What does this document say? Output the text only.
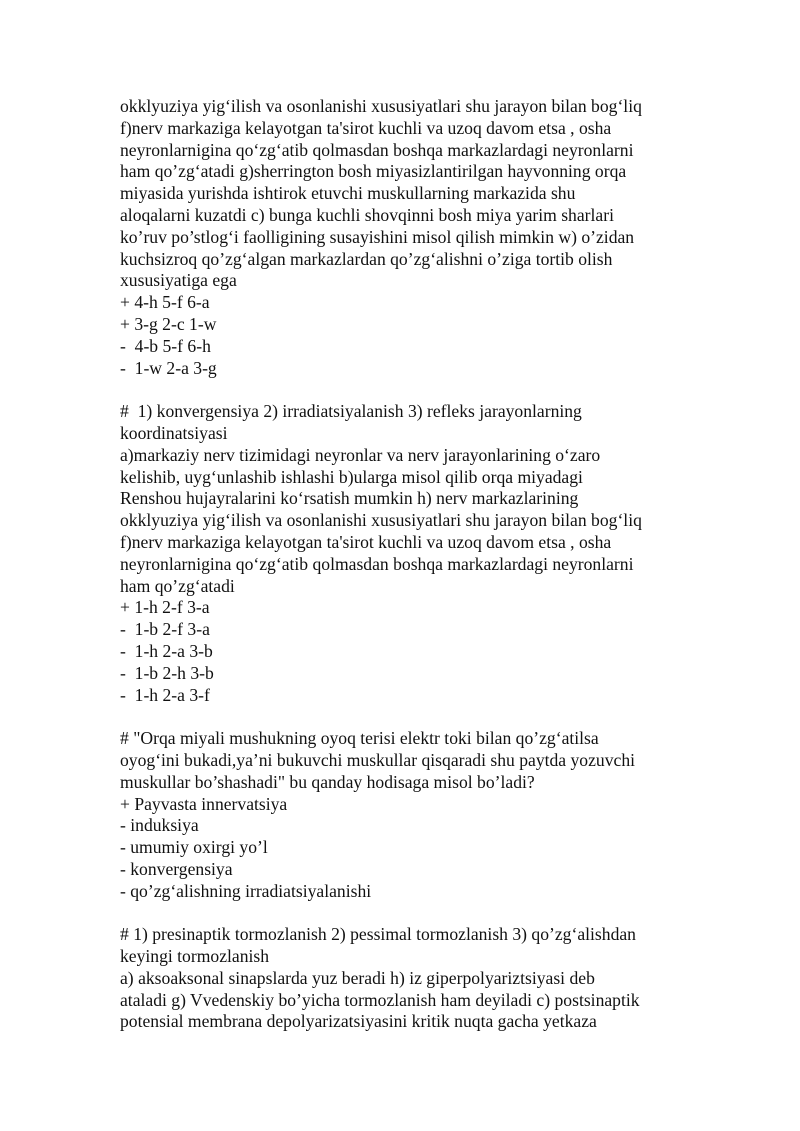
okklyuziya yig‘ilish va osonlanishi xususiyatlari shu jarayon bilan bog‘liq
f)nerv markaziga kelayotgan ta'sirot kuchli va uzoq davom etsa , osha
neyronlarnigina qo‘zg‘atib qolmasdan boshqa markazlardagi neyronlarni
ham qo’zg‘atadi g)sherrington bosh miyasizlantirilgan hayvonning orqa
miyasida yurishda ishtirok etuvchi muskullarning markazida shu
aloqalarni kuzatdi c) bunga kuchli shovqinni bosh miya yarim sharlari
ko’ruv po’stlog‘i faolligining susayishini misol qilish mimkin w) o’zidan
kuchsizroq qo’zg‘algan markazlardan qo’zg‘alishni o’ziga tortib olish
xususiyatiga ega
+ 4-h 5-f 6-a
+ 3-g 2-c 1-w
-  4-b 5-f 6-h
-  1-w 2-a 3-g
#  1) konvergensiya 2) irradiatsiyalanish 3) refleks jarayonlarning
koordinatsiyasi
a)markaziy nerv tizimidagi neyronlar va nerv jarayonlarining o‘zaro
kelishib, uyg‘unlashib ishlashi b)ularga misol qilib orqa miyadagi
Renshou hujayralarini ko‘rsatish mumkin h) nerv markazlarining
okklyuziya yig‘ilish va osonlanishi xususiyatlari shu jarayon bilan bog‘liq
f)nerv markaziga kelayotgan ta'sirot kuchli va uzoq davom etsa , osha
neyronlarnigina qo‘zg‘atib qolmasdan boshqa markazlardagi neyronlarni
ham qo’zg‘atadi
+ 1-h 2-f 3-a
-  1-b 2-f 3-a
-  1-h 2-a 3-b
-  1-b 2-h 3-b
-  1-h 2-a 3-f
# "Orqa miyali mushukning oyoq terisi elektr toki bilan qo’zg‘atilsa
oyog‘ini bukadi,ya’ni bukuvchi muskullar qisqaradi shu paytda yozuvchi
muskullar bo’shashadi" bu qanday hodisaga misol bo’ladi?
+ Payvasta innervatsiya
- induksiya
- umumiy oxirgi yo’l
- konvergensiya
- qo’zg‘alishning irradiatsiyalanishi
# 1) presinaptik tormozlanish 2) pessimal tormozlanish 3) qo’zg‘alishdan
keyingi tormozlanish
a) aksoaksonal sinapslarda yuz beradi h) iz giperpolyariztsiyasi deb
ataladi g) Vvedenskiy bo’yicha tormozlanish ham deyiladi c) postsinaptik
potensial membrana depolyarizatsiyasini kritik nuqta gacha yetkaza
